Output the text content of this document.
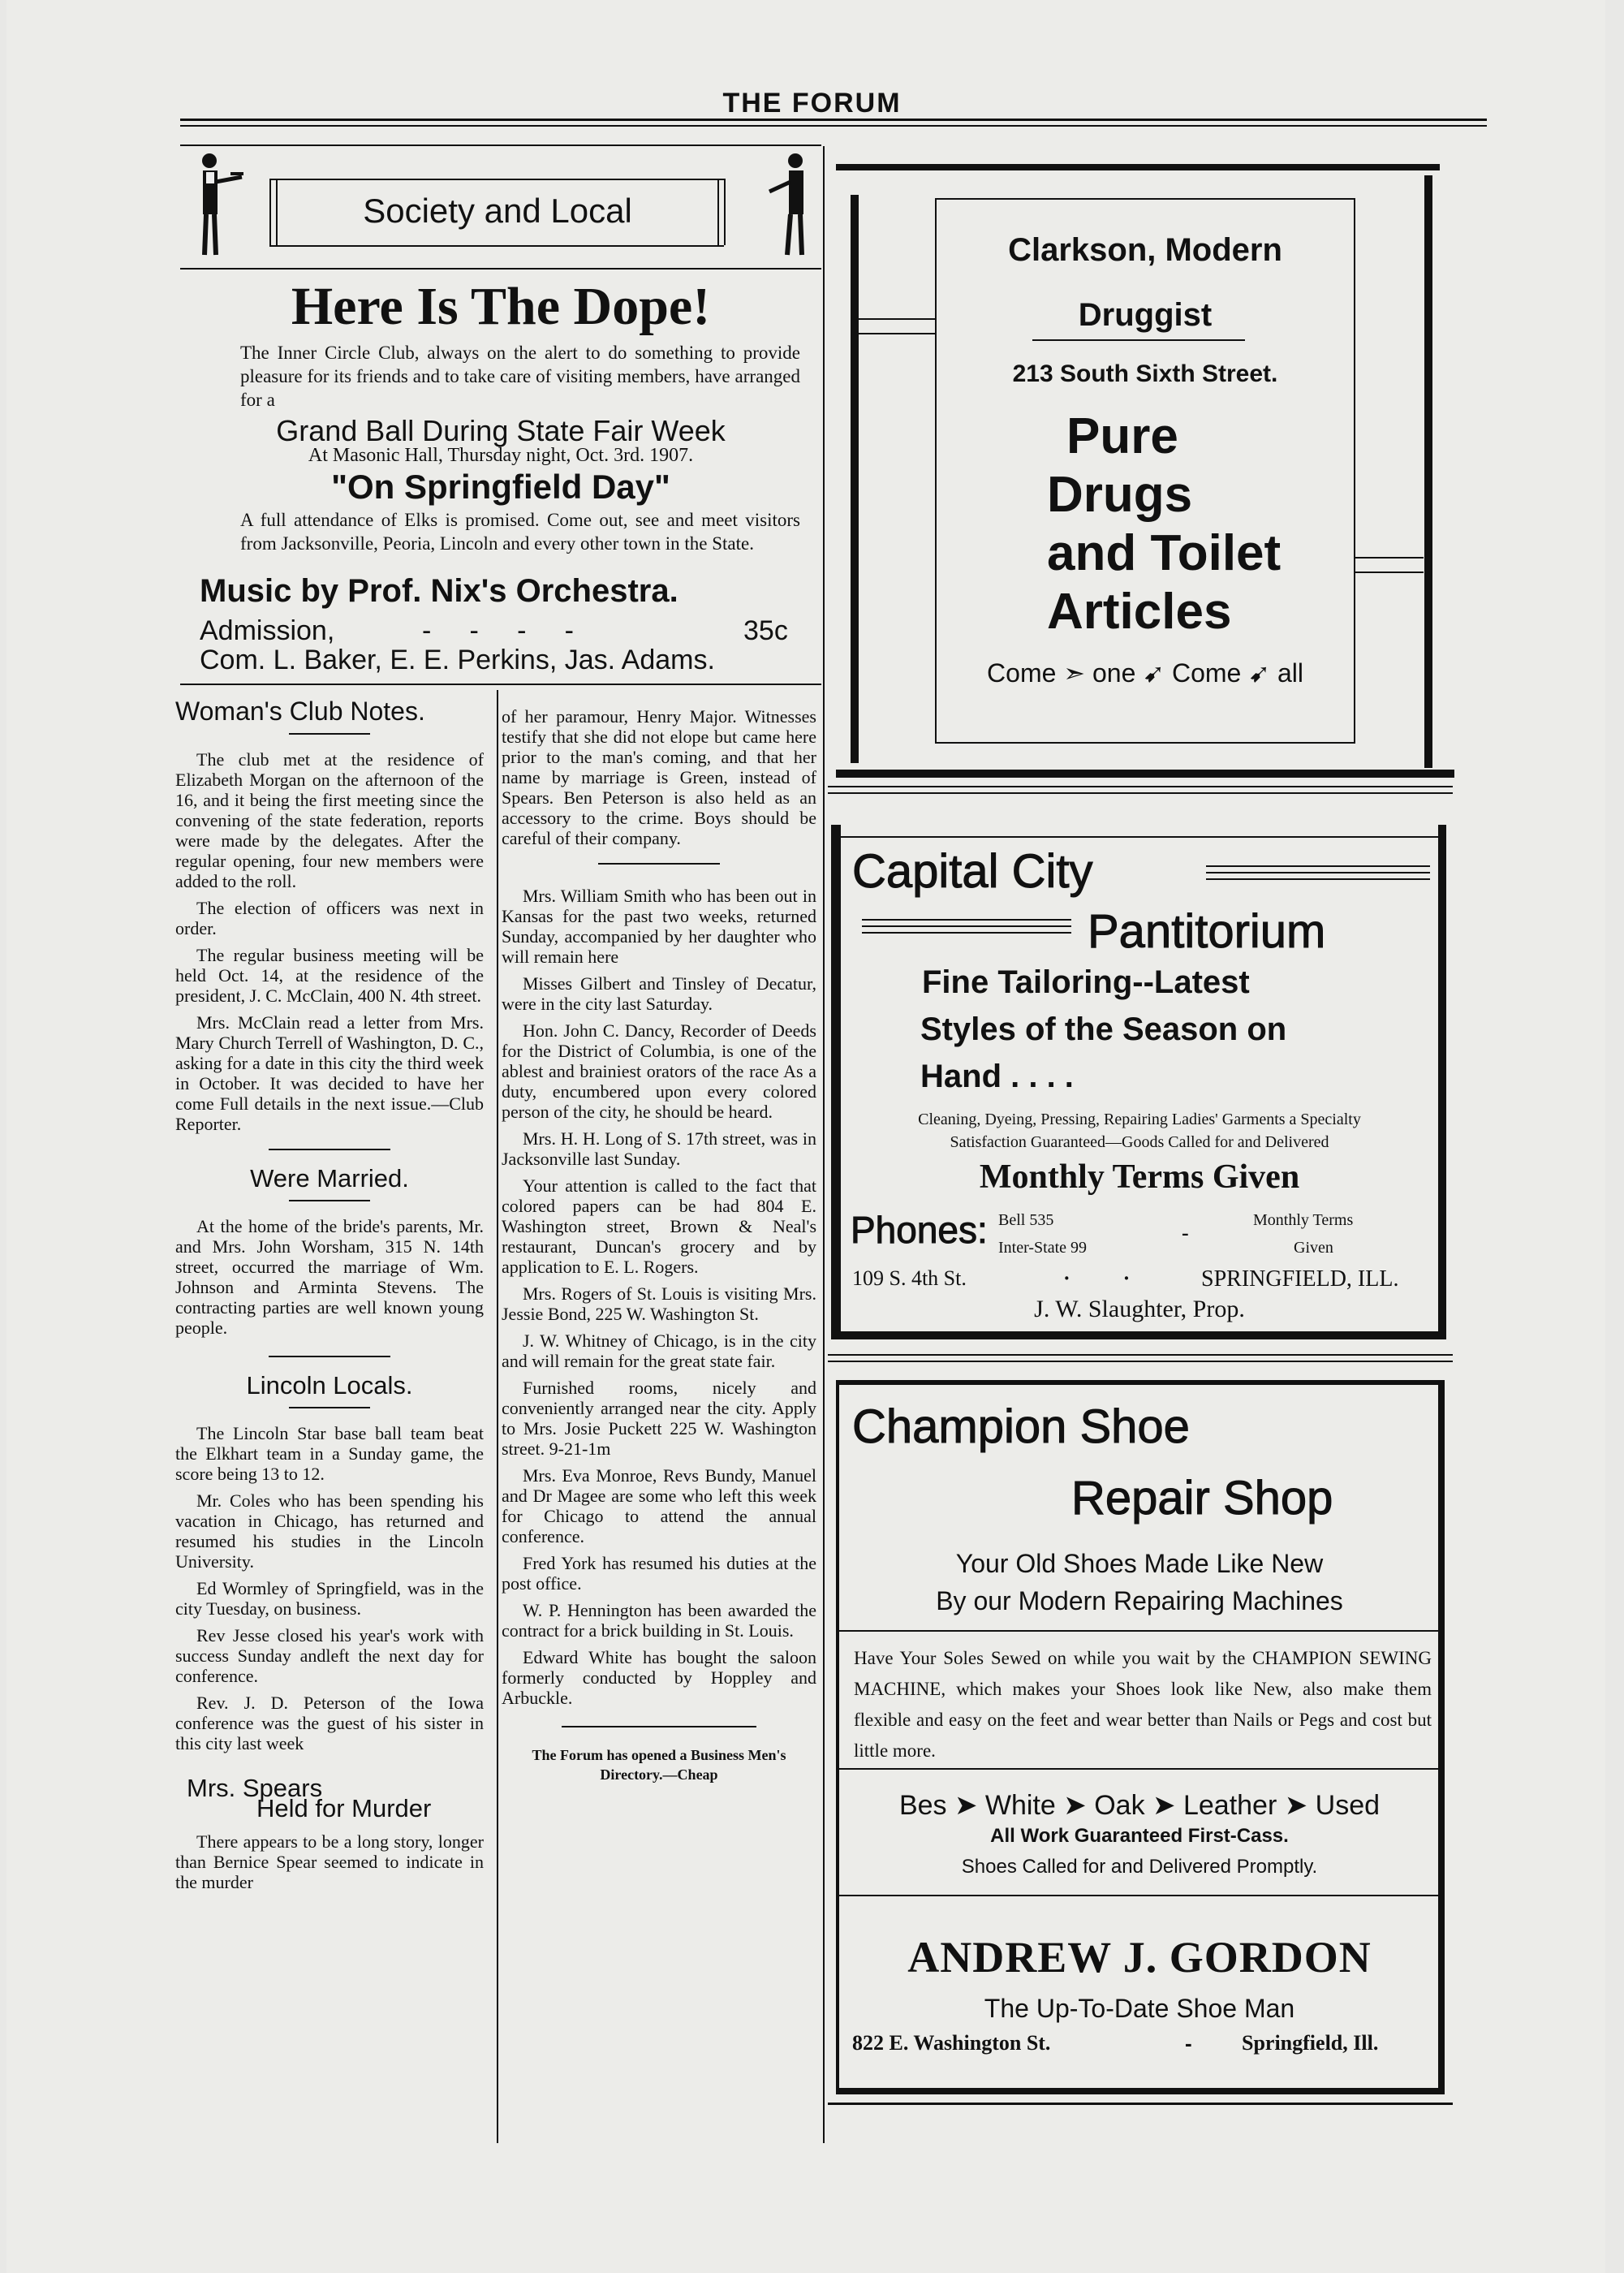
THE FORUM
Society and Local
Here Is The Dope!
The Inner Circle Club, always on the alert to do something to provide pleasure for its friends and to take care of visiting members, have arranged for a
Grand Ball During State Fair Week
At Masonic Hall, Thursday night, Oct. 3rd. 1907.
"On Springfield Day"
A full attendance of Elks is promised. Come out, see and meet visitors from Jacksonville, Peoria, Lincoln and every other town in the State.
Music by Prof. Nix's Orchestra.
Admission,	-     -     -     -	35c
Com. L. Baker, E. E. Perkins, Jas. Adams.
Woman's Club Notes.

The club met at the residence of Elizabeth Morgan on the afternoon of the 16, and it being the first meeting since the convening of the state federation, reports were made by the delegates. After the regular opening, four new members were added to the roll.

The election of officers was next in order.

The regular business meeting will be held Oct. 14, at the residence of the president, J. C. McClain, 400 N. 4th street.

Mrs. McClain read a letter from Mrs. Mary Church Terrell of Washington, D. C., asking for a date in this city the third week in October. It was decided to have her come Full details in the next issue.—Club Reporter.

Were Married.

At the home of the bride's parents, Mr. and Mrs. John Worsham, 315 N. 14th street, occurred the marriage of Wm. Johnson and Arminta Stevens. The contracting parties are well known young people.

Lincoln Locals.

The Lincoln Star base ball team beat the Elkhart team in a Sunday game, the score being 13 to 12.

Mr. Coles who has been spending his vacation in Chicago, has returned and resumed his studies in the Lincoln University.

Ed Wormley of Springfield, was in the city Tuesday, on business.

Rev Jesse closed his year's work with success Sunday andleft the next day for conference.

Rev. J. D. Peterson of the Iowa conference was the guest of his sister in this city last week

Mrs. Spears
Held for Murder

There appears to be a long story, longer than Bernice Spear seemed to indicate in the murder

of her paramour, Henry Major. Witnesses testify that she did not elope but came here prior to the man's coming, and that her name by marriage is Green, instead of Spears. Ben Peterson is also held as an accessory to the crime. Boys should be careful of their company.

Mrs. William Smith who has been out in Kansas for the past two weeks, returned Sunday, accompanied by her daughter who will remain here

Misses Gilbert and Tinsley of Decatur, were in the city last Saturday.

Hon. John C. Dancy, Recorder of Deeds for the District of Columbia, is one of the ablest and brainiest orators of the race As a duty, encumbered upon every colored person of the city, he should be heard.

Mrs. H. H. Long of S. 17th street, was in Jacksonville last Sunday.

Your attention is called to the fact that colored papers can be had 804 E. Washington street, Brown & Neal's restaurant, Duncan's grocery and by application to E. L. Rogers.

Mrs. Rogers of St. Louis is visiting Mrs. Jessie Bond, 225 W. Washington St.

J. W. Whitney of Chicago, is in the city and will remain for the great state fair.

Furnished rooms, nicely and conveniently arranged near the city. Apply to Mrs. Josie Puckett 225 W. Washington street. 9-21-1m

Mrs. Eva Monroe, Revs Bundy, Manuel and Dr Magee are some who left this week for Chicago to attend the annual conference.

Fred York has resumed his duties at the post office.

W. P. Hennington has been awarded the contract for a brick building in St. Louis.

Edward White has bought the saloon formerly conducted by Hoppley and Arbuckle.

The Forum has opened a Business Men's Directory.—Cheap
Clarkson, Modern
Druggist
213 South Sixth Street.
Pure
Drugs
and Toilet
Articles
Come ➣ one ➹ Come ➹ all
Capital City
Pantitorium
Fine Tailoring--Latest
Styles of the Season on
Hand . . . .
Cleaning, Dyeing, Pressing, Repairing Ladies' Garments a Specialty
Satisfaction Guaranteed—Goods Called for and Delivered
Monthly Terms Given
Phones: Bell 535
Inter-State 99
-
Monthly Terms
Given
109 S. 4th St.	·          ·	SPRINGFIELD, ILL.
J. W. Slaughter, Prop.
Champion Shoe
Repair Shop
Your Old Shoes Made Like New
By our Modern Repairing Machines
Have Your Soles Sewed on while you wait by the CHAMPION SEWING MACHINE, which makes your Shoes look like New, also make them flexible and easy on the feet and wear better than Nails or Pegs and cost but little more.
Bes ➤ White ➤ Oak ➤ Leather ➤ Used
All Work Guaranteed First-Cass.
Shoes Called for and Delivered Promptly.
ANDREW J. GORDON
The Up-To-Date Shoe Man
822 E. Washington St.	- Springfield, Ill.
